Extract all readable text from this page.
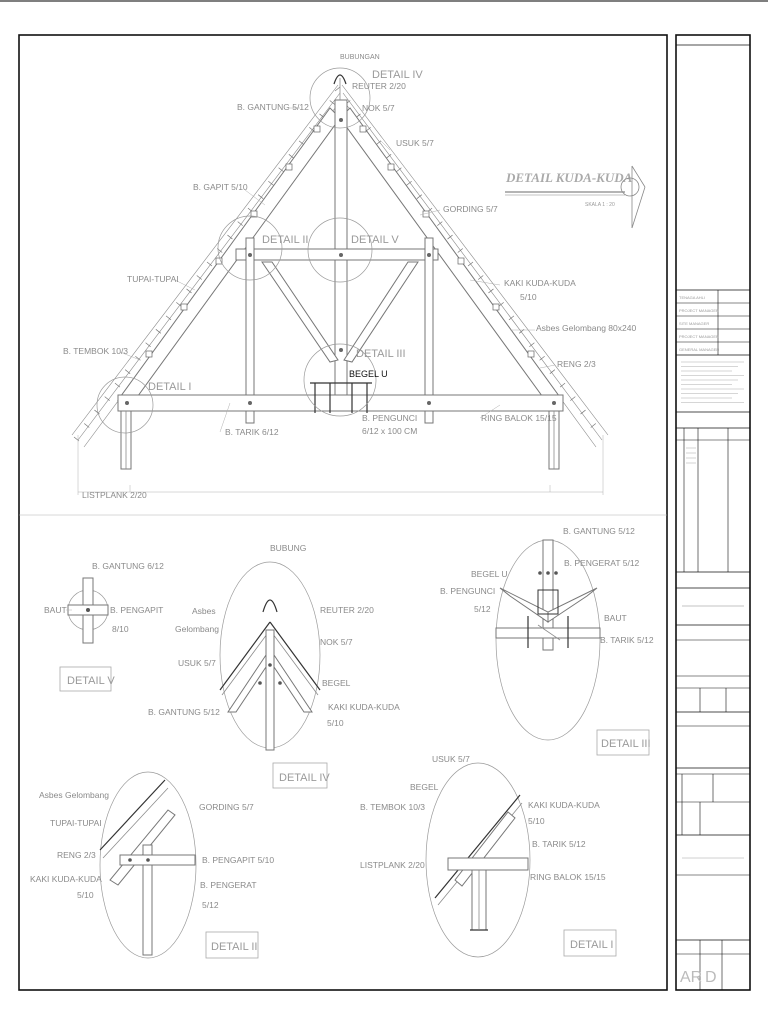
BUBUNGAN
DETAIL IV
REUTER 2/20
B. GANTUNG 5/12	NOK 5/7
USUK 5/7
B. GAPIT 5/10
GORDING 5/7
DETAIL II	DETAIL V
TUPAI-TUPAI	KAKI KUDA-KUDA
5/10
Asbes Gelombang 80x240
B. TEMBOK 10/3	DETAIL III
RENG 2/3
BEGEL U
DETAIL I
B. PENGUNCI
6/12 x 100 CM
RING BALOK 15/15
B. TARIK 6/12
LISTPLANK 2/20
DETAIL KUDA-KUDA
SKALA 1 : 20
B. GANTUNG 6/12
BAUT	B. PENGAPIT
8/10
DETAIL V
BUBUNG
Asbes
Gelombang
REUTER 2/20
NOK 5/7
USUK 5/7
BEGEL
B. GANTUNG 5/12	KAKI KUDA-KUDA
5/10
DETAIL IV
B. GANTUNG 5/12
BEGEL U
B. PENGERAT 5/12
B. PENGUNCI
5/12
BAUT
B. TARIK 5/12
DETAIL III
Asbes Gelombang
TUPAI-TUPAI
GORDING 5/7
RENG 2/3
KAKI KUDA-KUDA
5/10
B. PENGAPIT 5/10
B. PENGERAT
5/12
DETAIL II
USUK 5/7
BEGEL
B. TEMBOK 10/3	KAKI KUDA-KUDA
5/10
B. TARIK 5/12
LISTPLANK 2/20
RING BALOK 15/15
DETAIL I
TENAGA AHLI
PROJECT MANAGER
SITE MANAGER
PROJECT MANAGER
GENERAL MANAGER
AR D
